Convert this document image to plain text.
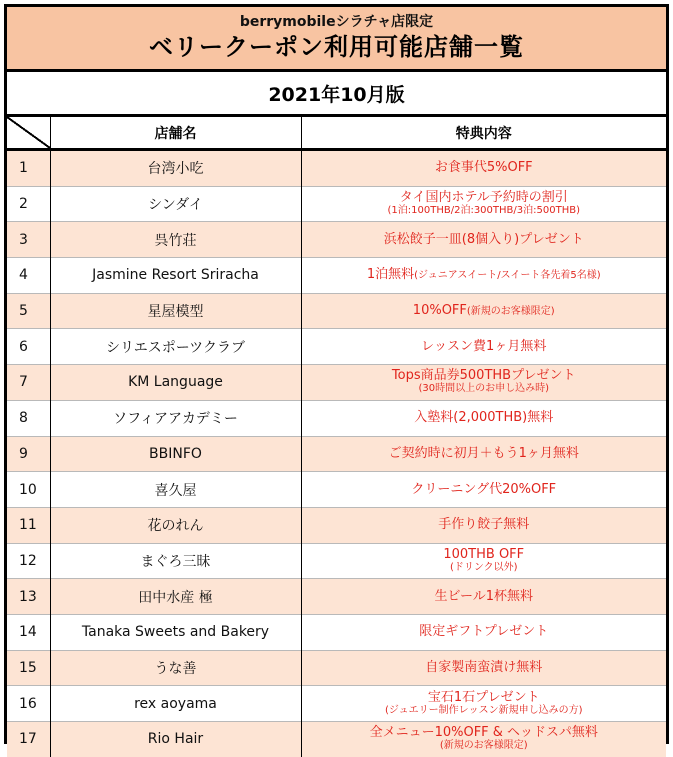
berrymobileシラチャ店限定
ベリークーポン利用可能店舗一覧
2021年10月版
	店舗名	特典内容
1	台湾小吃	お食事代5%OFF

2	シンダイ	タイ国内ホテル予約時の割引
(1泊:100THB/2泊:300THB/3泊:500THB)

3	呉竹荘	浜松餃子一皿(8個入り)プレゼント

4	Jasmine Resort Sriracha	1泊無料(ジュニアスイート/スイート各先着5名様)
5	星屋模型	10%OFF(新規のお客様限定)
6	シリエスポーツクラブ	レッスン費1ヶ月無料

7	KM Language	Tops商品券500THBプレゼント
(30時間以上のお申し込み時)

8	ソフィアアカデミー	入塾料(2,000THB)無料

9	BBINFO	ご契約時に初月＋もう1ヶ月無料

10	喜久屋	クリーニング代20%OFF

11	花のれん	手作り餃子無料

12	まぐろ三昧	100THB OFF
(ドリンク以外)

13	田中水産 極	生ビール1杯無料

14	Tanaka Sweets and Bakery	限定ギフトプレゼント

15	うな善	自家製南蛮漬け無料

16	rex aoyama	宝石1石プレゼント
(ジュエリー制作レッスン新規申し込みの方)

17	Rio Hair	全メニュー10%OFF & ヘッドスパ無料
(新規のお客様限定)
